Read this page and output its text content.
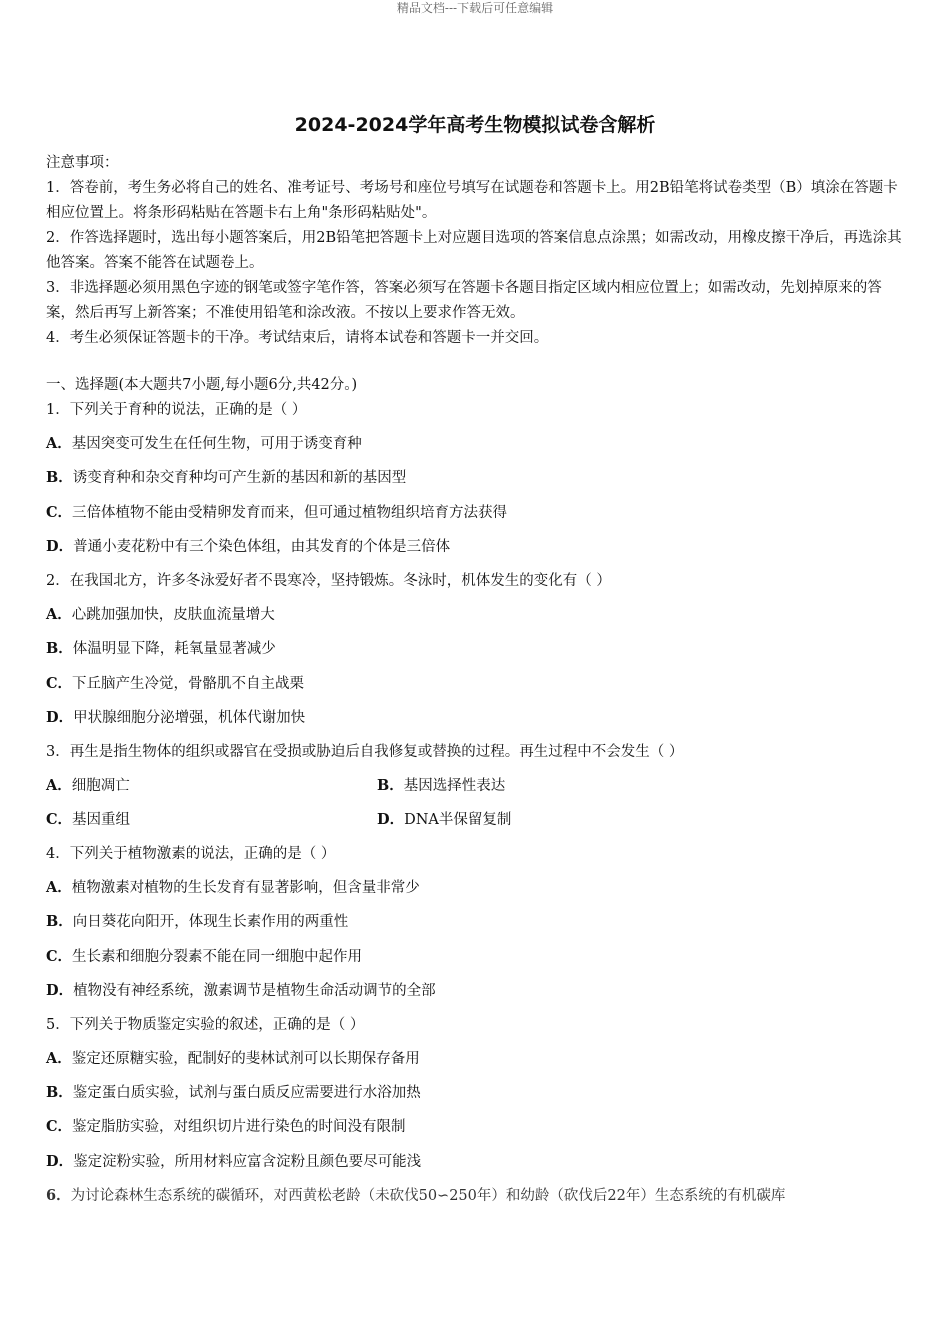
精品文档---下载后可任意编辑
2024-2024学年高考生物模拟试卷含解析

注意事项：

1．答卷前，考生务必将自己的姓名、准考证号、考场号和座位号填写在试题卷和答题卡上。用2B铅笔将试卷类型（B）填涂在答题卡相应位置上。将条形码粘贴在答题卡右上角"条形码粘贴处"。

2．作答选择题时，选出每小题答案后，用2B铅笔把答题卡上对应题目选项的答案信息点涂黑；如需改动，用橡皮擦干净后，再选涂其他答案。答案不能答在试题卷上。

3．非选择题必须用黑色字迹的钢笔或签字笔作答，答案必须写在答题卡各题目指定区域内相应位置上；如需改动，先划掉原来的答案，然后再写上新答案；不准使用铅笔和涂改液。不按以上要求作答无效。

4．考生必须保证答题卡的干净。考试结束后，请将本试卷和答题卡一并交回。

一、选择题(本大题共7小题,每小题6分,共42分。)
1．下列关于育种的说法，正确的是（ ）
A．基因突变可发生在任何生物，可用于诱变育种
B．诱变育种和杂交育种均可产生新的基因和新的基因型
C．三倍体植物不能由受精卵发育而来，但可通过植物组织培育方法获得
D．普通小麦花粉中有三个染色体组，由其发育的个体是三倍体
2．在我国北方，许多冬泳爱好者不畏寒冷，坚持锻炼。冬泳时，机体发生的变化有（ ）
A．心跳加强加快，皮肤血流量增大
B．体温明显下降，耗氧量显著减少
C．下丘脑产生冷觉，骨骼肌不自主战栗
D．甲状腺细胞分泌增强，机体代谢加快
3．再生是指生物体的组织或器官在受损或胁迫后自我修复或替换的过程。再生过程中不会发生（ ）
A．细胞凋亡	B．基因选择性表达
C．基因重组	D．DNA半保留复制
4．下列关于植物激素的说法，正确的是（ ）
A．植物激素对植物的生长发育有显著影响，但含量非常少
B．向日葵花向阳开，体现生长素作用的两重性
C．生长素和细胞分裂素不能在同一细胞中起作用
D．植物没有神经系统，激素调节是植物生命活动调节的全部
5．下列关于物质鉴定实验的叙述，正确的是（ ）
A．鉴定还原糖实验，配制好的斐林试剂可以长期保存备用
B．鉴定蛋白质实验，试剂与蛋白质反应需要进行水浴加热
C．鉴定脂肪实验，对组织切片进行染色的时间没有限制
D．鉴定淀粉实验，所用材料应富含淀粉且颜色要尽可能浅
6．为讨论森林生态系统的碳循环，对西黄松老龄（未砍伐50∽250年）和幼龄（砍伐后22年）生态系统的有机碳库
